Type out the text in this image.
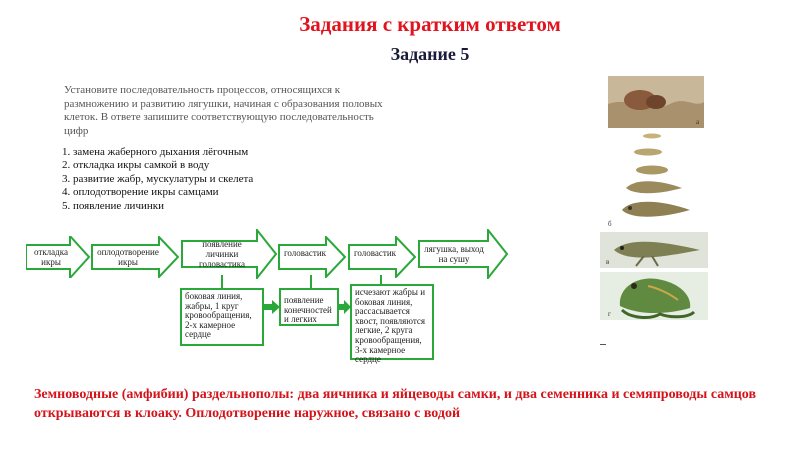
Задания с кратким ответом
Задание 5
Установите последовательность процессов, относящихся к размножению и развитию лягушки, начиная с образования половых клеток. В ответе запишите соответствующую последовательность цифр
1. замена жаберного дыхания лёгочным
2. откладка икры самкой в воду
3. развитие жабр, мускулатуры и скелета
4. оплодотворение икры самцами
5. появление личинки
откладка икры
оплодотворение икры
появление личинки головастика
головастик	головастик	лягушка, выход на сушу
боковая линия, жабры, 1 круг кровообращения, 2-х камерное сердце
появление конечностей и легких
исчезают жабры и боковая линия, рассасывается хвост, появляются легкие, 2 круга кровообращения, 3-х камерное сердце
а
б
в
г
Земноводные (амфибии) раздельнополы: два яичника и яйцеводы самки, и два семенника и семяпроводы самцов открываются в клоаку. Оплодотворение наружное, связано с водой
